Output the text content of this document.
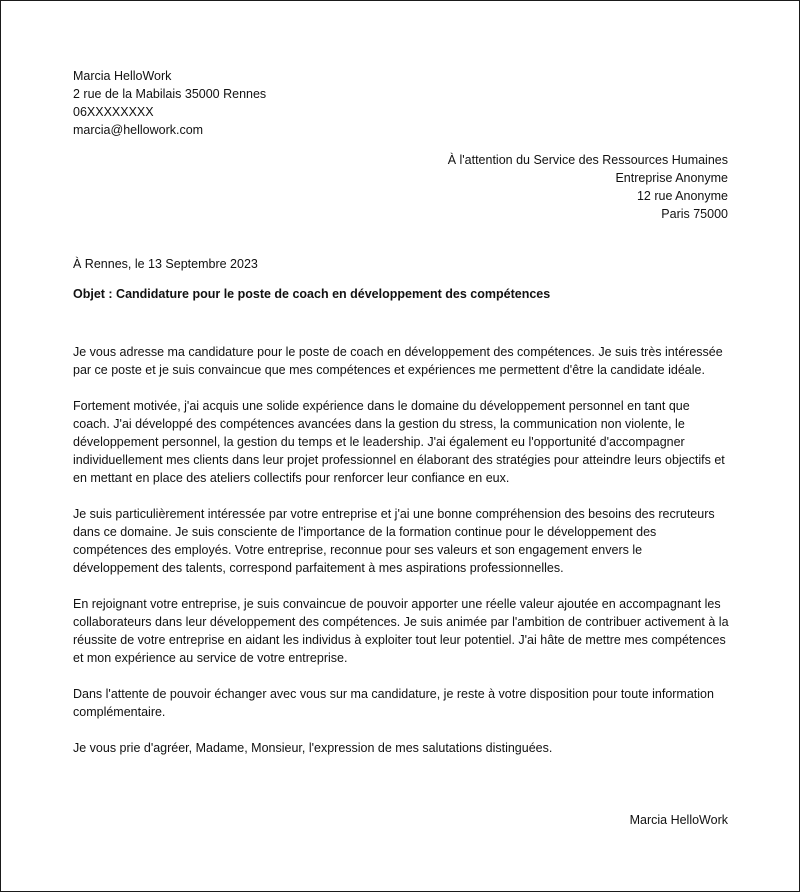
Marcia HelloWork
2 rue de la Mabilais 35000 Rennes
06XXXXXXXX
marcia@hellowork.com
À l'attention du Service des Ressources Humaines
Entreprise Anonyme
12 rue Anonyme
Paris 75000
À Rennes, le 13 Septembre 2023
Objet : Candidature pour le poste de coach en développement des compétences

Je vous adresse ma candidature pour le poste de coach en développement des compétences. Je suis très intéressée par ce poste et je suis convaincue que mes compétences et expériences me permettent d'être la candidate idéale.

Fortement motivée, j'ai acquis une solide expérience dans le domaine du développement personnel en tant que coach. J'ai développé des compétences avancées dans la gestion du stress, la communication non violente, le développement personnel, la gestion du temps et le leadership. J'ai également eu l'opportunité d'accompagner individuellement mes clients dans leur projet professionnel en élaborant des stratégies pour atteindre leurs objectifs et en mettant en place des ateliers collectifs pour renforcer leur confiance en eux.

Je suis particulièrement intéressée par votre entreprise et j'ai une bonne compréhension des besoins des recruteurs dans ce domaine. Je suis consciente de l'importance de la formation continue pour le développement des compétences des employés. Votre entreprise, reconnue pour ses valeurs et son engagement envers le développement des talents, correspond parfaitement à mes aspirations professionnelles.

En rejoignant votre entreprise, je suis convaincue de pouvoir apporter une réelle valeur ajoutée en accompagnant les collaborateurs dans leur développement des compétences. Je suis animée par l'ambition de contribuer activement à la réussite de votre entreprise en aidant les individus à exploiter tout leur potentiel. J'ai hâte de mettre mes compétences et mon expérience au service de votre entreprise.

Dans l'attente de pouvoir échanger avec vous sur ma candidature, je reste à votre disposition pour toute information complémentaire.

Je vous prie d'agréer, Madame, Monsieur, l'expression de mes salutations distinguées.

Marcia HelloWork
